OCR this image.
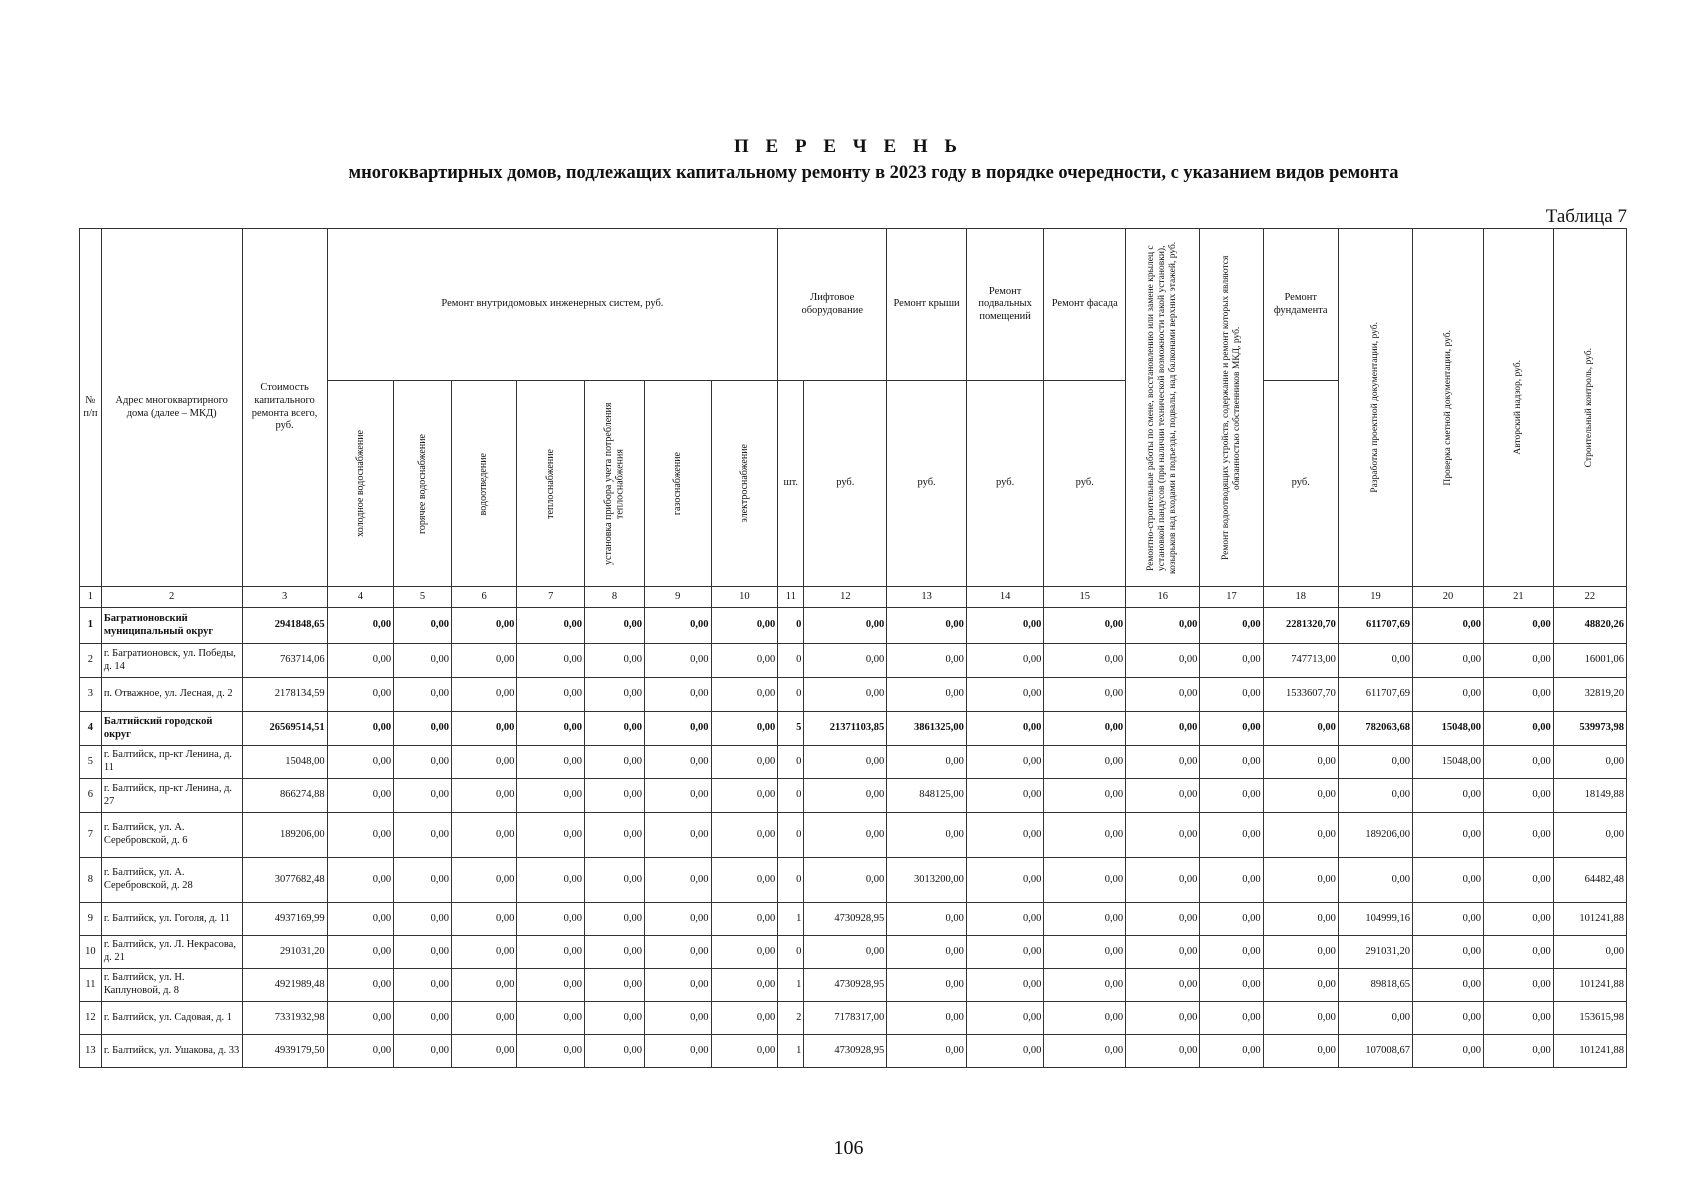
П Е Р Е Ч Е Н Ь
многоквартирных домов, подлежащих капитальному ремонту в 2023 году в порядке очередности, с указанием видов ремонта
Таблица 7
№ п/п	Адрес многоквартирного дома (далее – МКД)	Стоимость капитального ремонта всего, руб.	Ремонт внутридомовых инженерных систем, руб.							Лифтовое оборудование		Ремонт крыши	Ремонт подвальных помещений	Ремонт фасада	Ремонтно-строительные работы по смене, восстановлению или замене крылец с установкой пандусов (при наличии технической возможности такой установки), козырьков над входами в подъезды, подвалы, над балконами верхних этажей, руб.	Ремонт водоотводящих устройств, содержание и ремонт которых являются обязанностью собственников МКД, руб.	Ремонт фундамента	Разработка проектной документации, руб.	Проверка сметной документации, руб.	Авторский надзор, руб.	Строительный контроль, руб.

			холодное водоснабжение	горячее водоснабжение	водоотведение	теплоснабжение	установка прибора учета потребления теплоснабжения	газоснабжение	электроснабжение	шт.	руб.	руб.	руб.	руб.			руб.				
1	2	3	4	5	6	7	8	9	10	11	12	13	14	15	16	17	18	19	20	21	22
1	Багратионовский муниципальный округ	2941848,65	0,00	0,00	0,00	0,00	0,00	0,00	0,00	0	0,00	0,00	0,00	0,00	0,00	0,00	2281320,70	611707,69	0,00	0,00	48820,26
2	г. Багратионовск, ул. Победы, д. 14	763714,06	0,00	0,00	0,00	0,00	0,00	0,00	0,00	0	0,00	0,00	0,00	0,00	0,00	0,00	747713,00	0,00	0,00	0,00	16001,06
3	п. Отважное, ул. Лесная, д. 2	2178134,59	0,00	0,00	0,00	0,00	0,00	0,00	0,00	0	0,00	0,00	0,00	0,00	0,00	0,00	1533607,70	611707,69	0,00	0,00	32819,20
4	Балтийский городской округ	26569514,51	0,00	0,00	0,00	0,00	0,00	0,00	0,00	5	21371103,85	3861325,00	0,00	0,00	0,00	0,00	0,00	782063,68	15048,00	0,00	539973,98
5	г. Балтийск, пр-кт Ленина, д. 11	15048,00	0,00	0,00	0,00	0,00	0,00	0,00	0,00	0	0,00	0,00	0,00	0,00	0,00	0,00	0,00	0,00	15048,00	0,00	0,00
6	г. Балтийск, пр-кт Ленина, д. 27	866274,88	0,00	0,00	0,00	0,00	0,00	0,00	0,00	0	0,00	848125,00	0,00	0,00	0,00	0,00	0,00	0,00	0,00	0,00	18149,88
7	г. Балтийск, ул. А. Серебровской, д. 6	189206,00	0,00	0,00	0,00	0,00	0,00	0,00	0,00	0	0,00	0,00	0,00	0,00	0,00	0,00	0,00	189206,00	0,00	0,00	0,00
8	г. Балтийск, ул. А. Серебровской, д. 28	3077682,48	0,00	0,00	0,00	0,00	0,00	0,00	0,00	0	0,00	3013200,00	0,00	0,00	0,00	0,00	0,00	0,00	0,00	0,00	64482,48
9	г. Балтийск, ул. Гоголя, д. 11	4937169,99	0,00	0,00	0,00	0,00	0,00	0,00	0,00	1	4730928,95	0,00	0,00	0,00	0,00	0,00	0,00	104999,16	0,00	0,00	101241,88
10	г. Балтийск, ул. Л. Некрасова, д. 21	291031,20	0,00	0,00	0,00	0,00	0,00	0,00	0,00	0	0,00	0,00	0,00	0,00	0,00	0,00	0,00	291031,20	0,00	0,00	0,00
11	г. Балтийск, ул. Н. Каплуновой, д. 8	4921989,48	0,00	0,00	0,00	0,00	0,00	0,00	0,00	1	4730928,95	0,00	0,00	0,00	0,00	0,00	0,00	89818,65	0,00	0,00	101241,88
12	г. Балтийск, ул. Садовая, д. 1	7331932,98	0,00	0,00	0,00	0,00	0,00	0,00	0,00	2	7178317,00	0,00	0,00	0,00	0,00	0,00	0,00	0,00	0,00	0,00	153615,98
13	г. Балтийск, ул. Ушакова, д. 33	4939179,50	0,00	0,00	0,00	0,00	0,00	0,00	0,00	1	4730928,95	0,00	0,00	0,00	0,00	0,00	0,00	107008,67	0,00	0,00	101241,88
106
